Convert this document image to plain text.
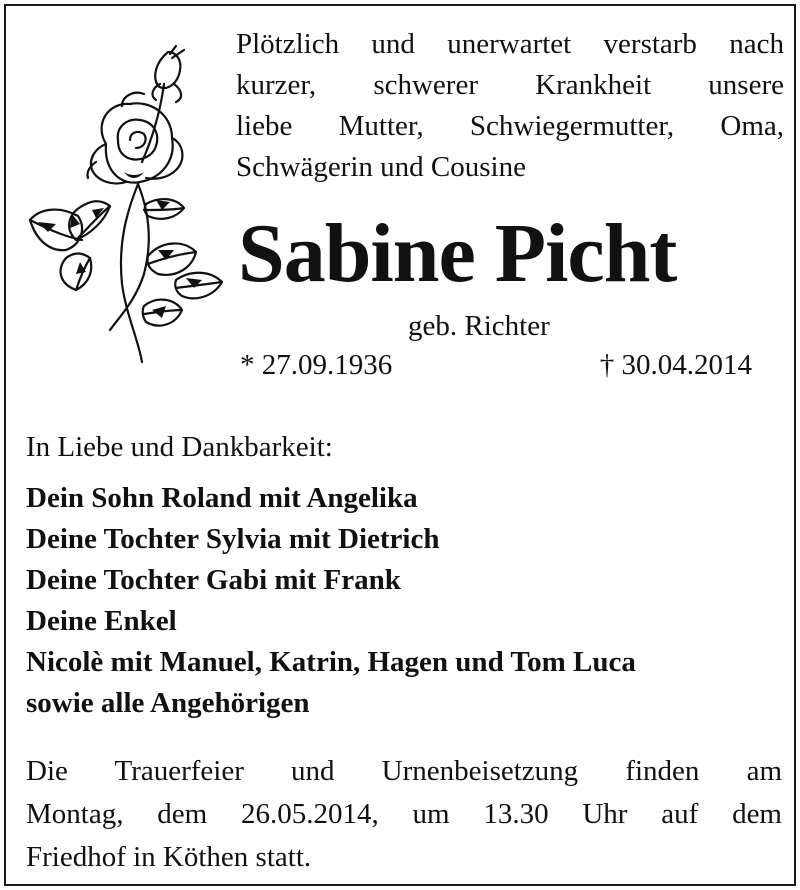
Plötzlich und unerwartet verstarb nach
kurzer, schwerer Krankheit unsere
liebe Mutter, Schwiegermutter, Oma,
Schwägerin und Cousine
Sabine Picht
geb. Richter
* 27.09.1936	† 30.04.2014
In Liebe und Dankbarkeit:
Dein Sohn Roland mit Angelika
Deine Tochter Sylvia mit Dietrich
Deine Tochter Gabi mit Frank
Deine Enkel
Nicolè mit Manuel, Katrin, Hagen und Tom Luca
sowie alle Angehörigen
Die Trauerfeier und Urnenbeisetzung finden am
Montag, dem 26.05.2014, um 13.30 Uhr auf dem
Friedhof in Köthen statt.
